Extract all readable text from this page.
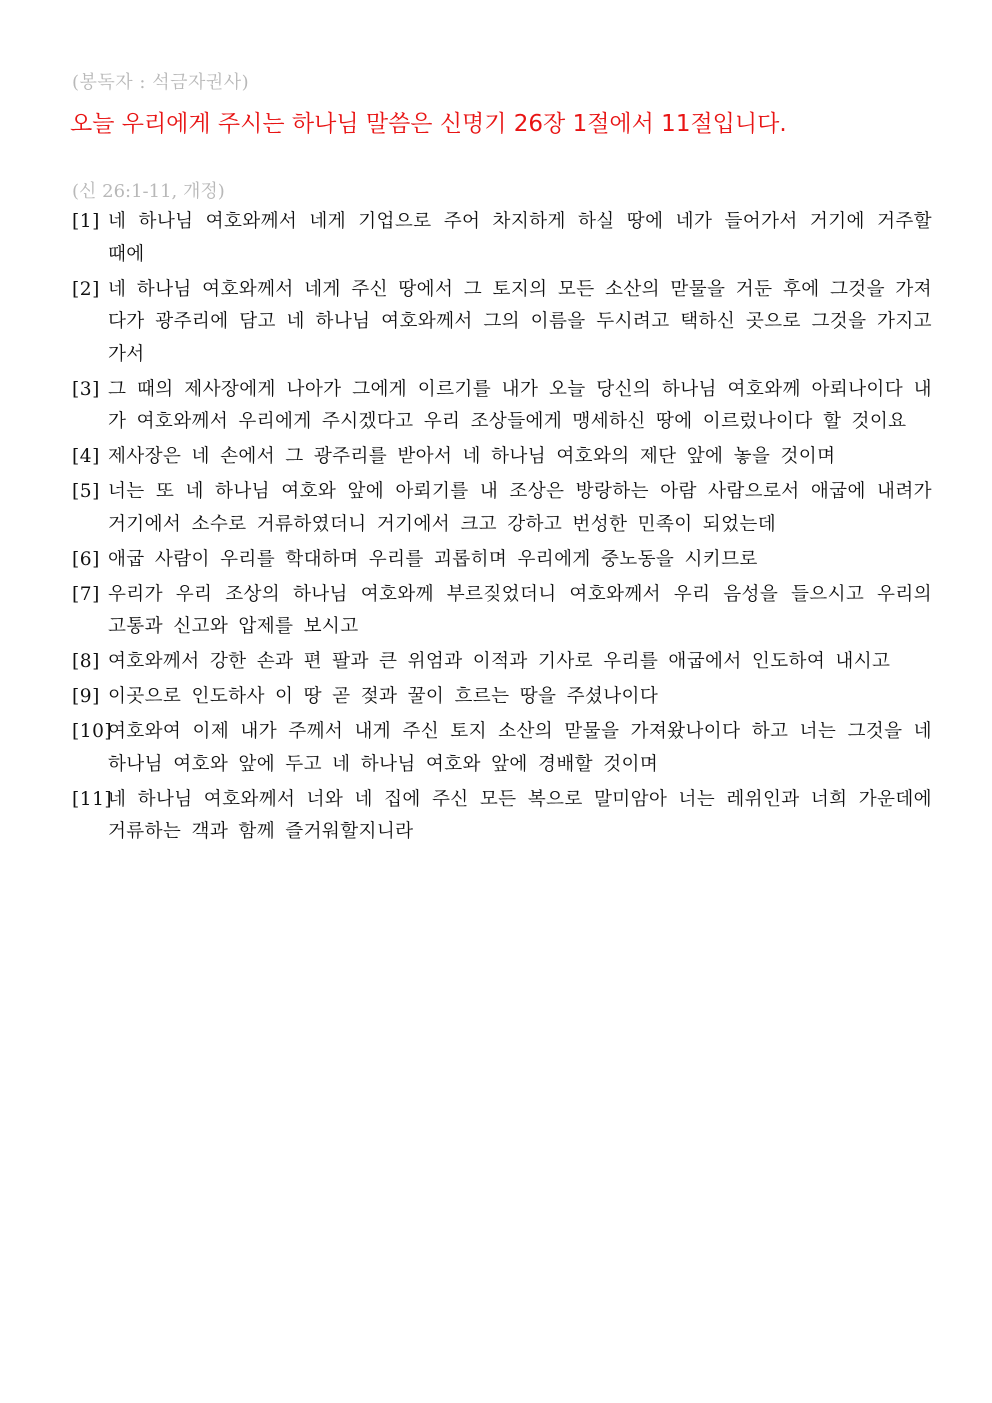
(봉독자 : 석금자권사)
오늘 우리에게 주시는 하나님 말씀은 신명기 26장 1절에서 11절입니다.
(신 26:1-11, 개정)
[1] 네 하나님 여호와께서 네게 기업으로 주어 차지하게 하실 땅에 네가 들어가서 거기에 거주할 때에
[2] 네 하나님 여호와께서 네게 주신 땅에서 그 토지의 모든 소산의 맏물을 거둔 후에 그것을 가져다가 광주리에 담고 네 하나님 여호와께서 그의 이름을 두시려고 택하신 곳으로 그것을 가지고 가서
[3] 그 때의 제사장에게 나아가 그에게 이르기를 내가 오늘 당신의 하나님 여호와께 아뢰나이다 내가 여호와께서 우리에게 주시겠다고 우리 조상들에게 맹세하신 땅에 이르렀나이다 할 것이요
[4] 제사장은 네 손에서 그 광주리를 받아서 네 하나님 여호와의 제단 앞에 놓을 것이며
[5] 너는 또 네 하나님 여호와 앞에 아뢰기를 내 조상은 방랑하는 아람 사람으로서 애굽에 내려가 거기에서 소수로 거류하였더니 거기에서 크고 강하고 번성한 민족이 되었는데
[6] 애굽 사람이 우리를 학대하며 우리를 괴롭히며 우리에게 중노동을 시키므로
[7] 우리가 우리 조상의 하나님 여호와께 부르짖었더니 여호와께서 우리 음성을 들으시고 우리의 고통과 신고와 압제를 보시고
[8] 여호와께서 강한 손과 편 팔과 큰 위엄과 이적과 기사로 우리를 애굽에서 인도하여 내시고
[9] 이곳으로 인도하사 이 땅 곧 젖과 꿀이 흐르는 땅을 주셨나이다
[10]
여호와여 이제 내가 주께서 내게 주신 토지 소산의 맏물을 가져왔나이다 하고 너는 그것을 네 하나님 여호와 앞에 두고 네 하나님 여호와 앞에 경배할 것이며
[11]
네 하나님 여호와께서 너와 네 집에 주신 모든 복으로 말미암아 너는 레위인과 너희 가운데에 거류하는 객과 함께 즐거워할지니라
